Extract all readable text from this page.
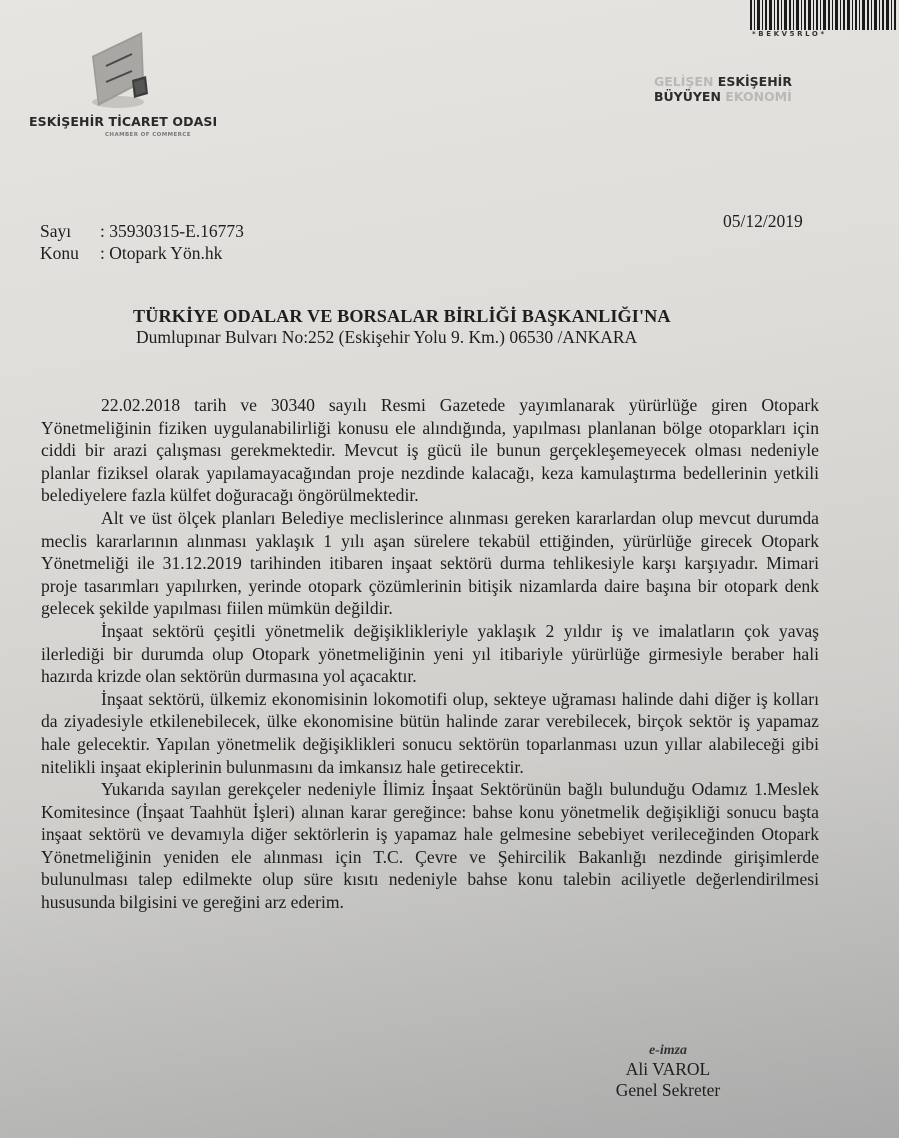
ESKİŞEHİR TİCARET ODASI
CHAMBER OF COMMERCE
*BEKV5RLO*
GELİŞEN ESKİŞEHİR
BÜYÜYEN EKONOMİ
Sayı	: 35930315-E.16773
Konu	: Otopark Yön.hk
05/12/2019
TÜRKİYE ODALAR VE BORSALAR BİRLİĞİ BAŞKANLIĞI'NA
Dumlupınar Bulvarı No:252 (Eskişehir Yolu 9. Km.) 06530 /ANKARA

22.02.2018 tarih ve 30340 sayılı Resmi Gazetede yayımlanarak yürürlüğe giren Otopark Yönetmeliğinin fiziken uygulanabilirliği konusu ele alındığında, yapılması planlanan bölge otoparkları için ciddi bir arazi çalışması gerekmektedir. Mevcut iş gücü ile bunun gerçekleşemeyecek olması nedeniyle planlar fiziksel olarak yapılamayacağından proje nezdinde kalacağı, keza kamulaştırma bedellerinin yetkili belediyelere fazla külfet doğuracağı öngörülmektedir.

Alt ve üst ölçek planları Belediye meclislerince alınması gereken kararlardan olup mevcut durumda meclis kararlarının alınması yaklaşık 1 yılı aşan sürelere tekabül ettiğinden, yürürlüğe girecek Otopark Yönetmeliği ile 31.12.2019 tarihinden itibaren inşaat sektörü durma tehlikesiyle karşı karşıyadır. Mimari proje tasarımları yapılırken, yerinde otopark çözümlerinin bitişik nizamlarda daire başına bir otopark denk gelecek şekilde yapılması fiilen mümkün değildir.

İnşaat sektörü çeşitli yönetmelik değişiklikleriyle yaklaşık 2 yıldır iş ve imalatların çok yavaş ilerlediği bir durumda olup Otopark yönetmeliğinin yeni yıl itibariyle yürürlüğe girmesiyle beraber hali hazırda krizde olan sektörün durmasına yol açacaktır.

İnşaat sektörü, ülkemiz ekonomisinin lokomotifi olup, sekteye uğraması halinde dahi diğer iş kolları da ziyadesiyle etkilenebilecek, ülke ekonomisine bütün halinde zarar verebilecek, birçok sektör iş yapamaz hale gelecektir. Yapılan yönetmelik değişiklikleri sonucu sektörün toparlanması uzun yıllar alabileceği gibi nitelikli inşaat ekiplerinin bulunmasını da imkansız hale getirecektir.

Yukarıda sayılan gerekçeler nedeniyle İlimiz İnşaat Sektörünün bağlı bulunduğu Odamız 1.Meslek Komitesince (İnşaat Taahhüt İşleri) alınan karar gereğince: bahse konu yönetmelik değişikliği sonucu başta inşaat sektörü ve devamıyla diğer sektörlerin iş yapamaz hale gelmesine sebebiyet verileceğinden Otopark Yönetmeliğinin yeniden ele alınması için T.C. Çevre ve Şehircilik Bakanlığı nezdinde girişimlerde bulunulması talep edilmekte olup süre kısıtı nedeniyle bahse konu talebin aciliyetle değerlendirilmesi hususunda bilgisini ve gereğini arz ederim.

e-imza
Ali VAROL
Genel Sekreter
